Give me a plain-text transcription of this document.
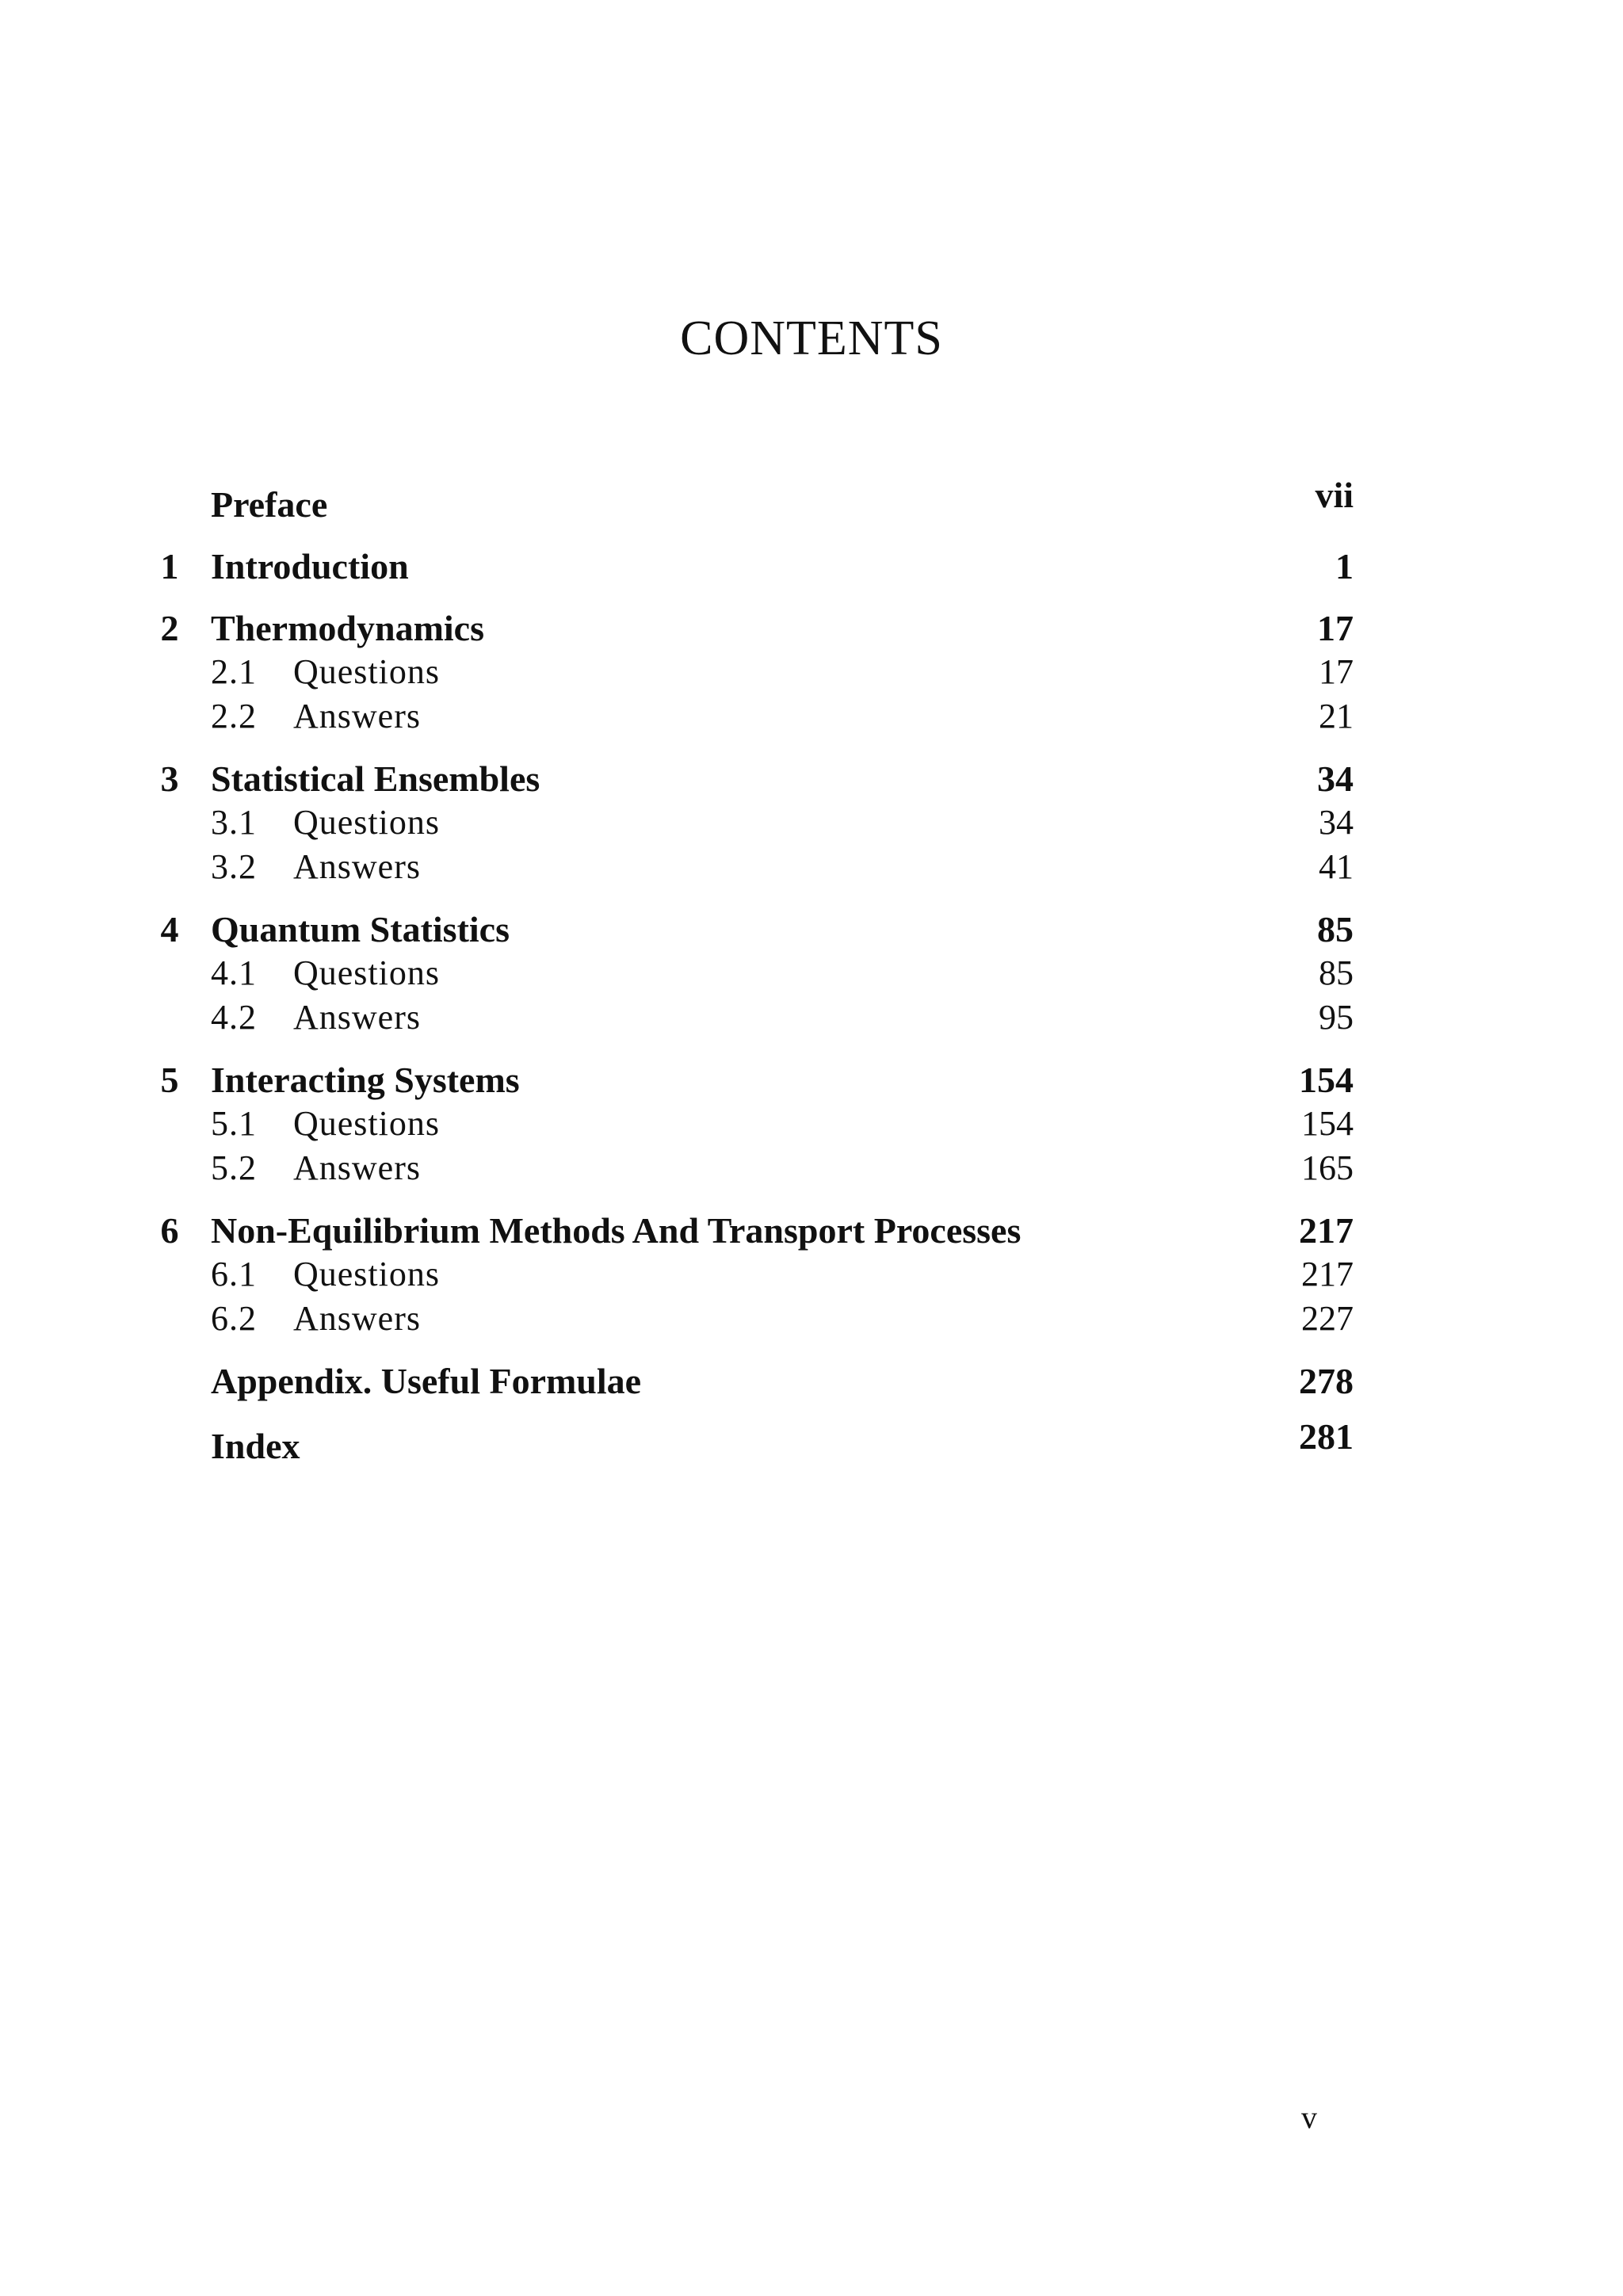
CONTENTS
Preface	vii
1 Introduction	1
2 Thermodynamics	17
2.1 Questions	17
2.2 Answers	21
3 Statistical Ensembles	34
3.1 Questions	34
3.2 Answers	41
4 Quantum Statistics	85
4.1 Questions	85
4.2 Answers	95
5 Interacting Systems	154
5.1 Questions	154
5.2 Answers	165
6 Non-Equilibrium Methods And Transport Processes	217
6.1 Questions	217
6.2 Answers	227
Appendix. Useful Formulae	278
Index	281
v
